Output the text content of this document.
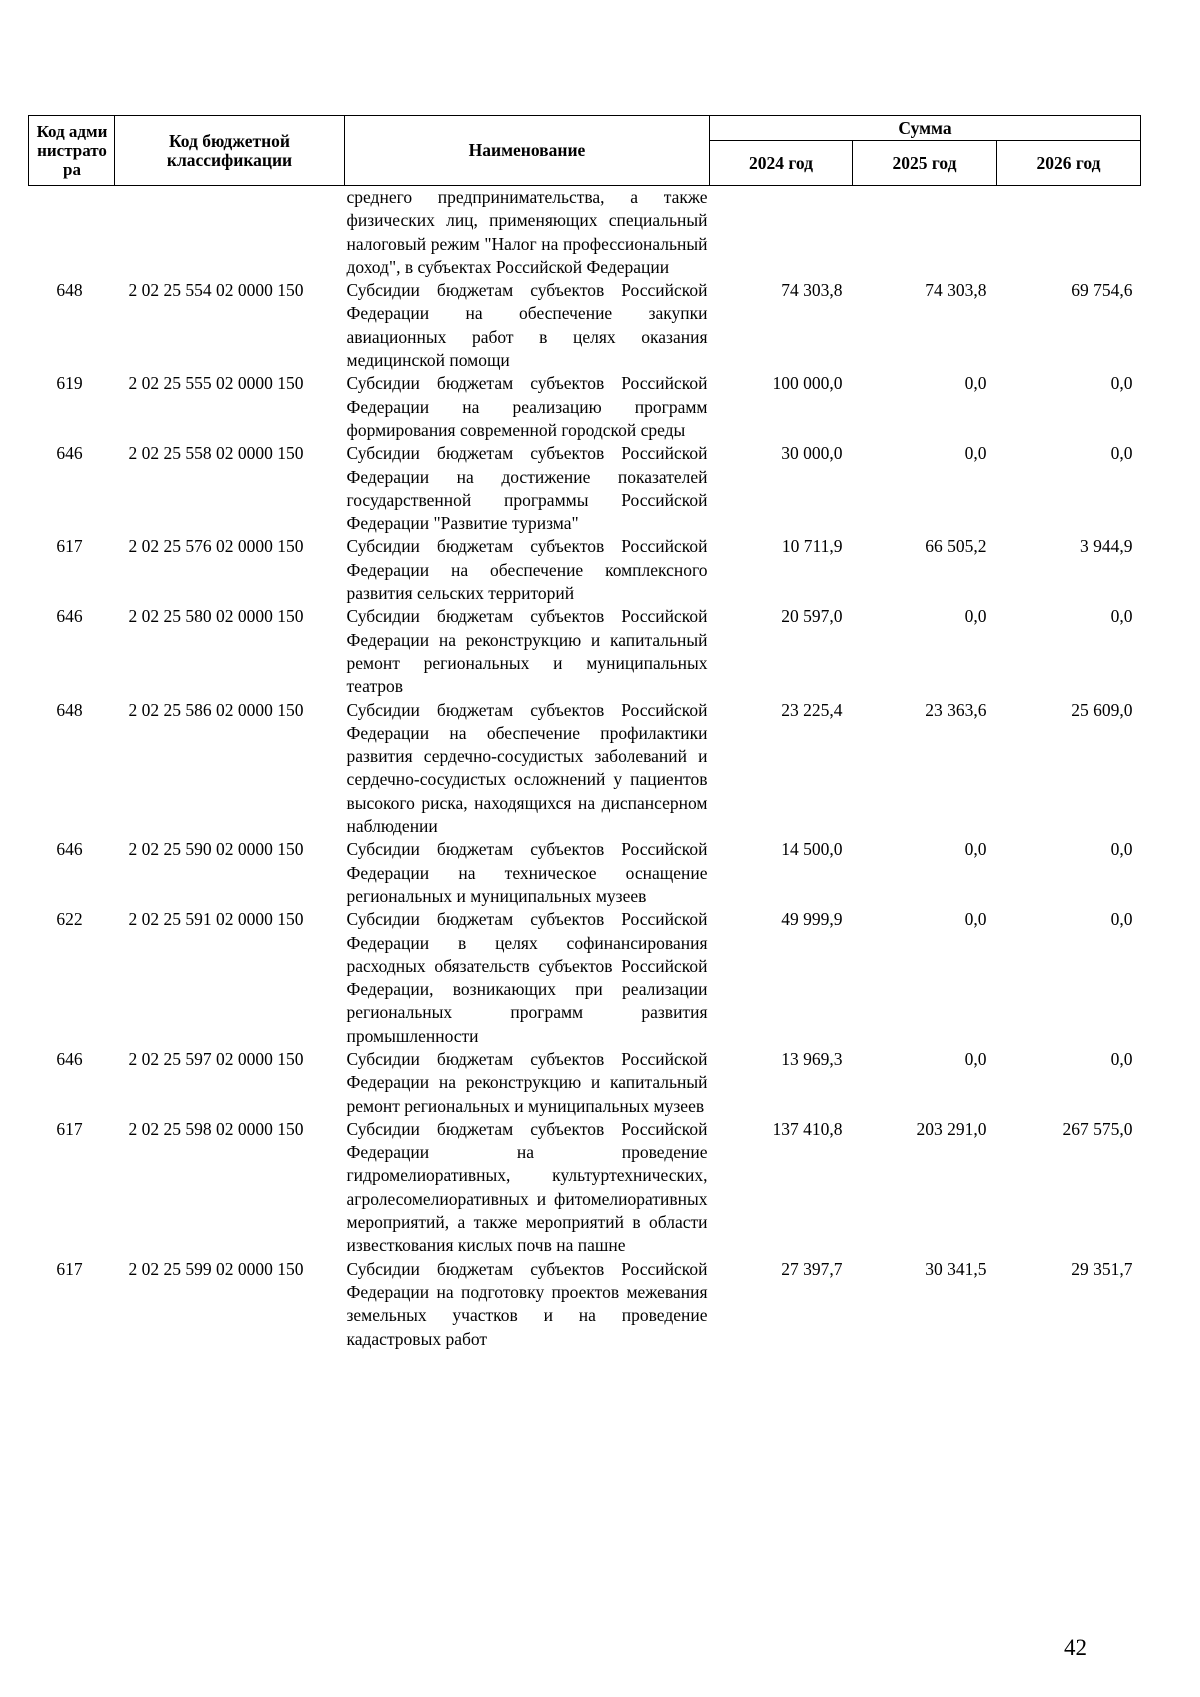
Код администратора	Код бюджетной классификации	Наименование	Сумма		
			2024 год	2025 год	2026 год
		среднего предпринимательства, а также физических лиц, применяющих специальный налоговый режим "Налог на профессиональный доход", в субъектах Российской Федерации			
648	2 02 25 554 02 0000 150	Субсидии бюджетам субъектов Российской Федерации на обеспечение закупки авиационных работ в целях оказания медицинской помощи	74 303,8	74 303,8	69 754,6
619	2 02 25 555 02 0000 150	Субсидии бюджетам субъектов Российской Федерации на реализацию программ формирования современной городской среды	100 000,0	0,0	0,0
646	2 02 25 558 02 0000 150	Субсидии бюджетам субъектов Российской Федерации на достижение показателей государственной программы Российской Федерации "Развитие туризма"	30 000,0	0,0	0,0
617	2 02 25 576 02 0000 150	Субсидии бюджетам субъектов Российской Федерации на обеспечение комплексного развития сельских территорий	10 711,9	66 505,2	3 944,9
646	2 02 25 580 02 0000 150	Субсидии бюджетам субъектов Российской Федерации на реконструкцию и капитальный ремонт региональных и муниципальных театров	20 597,0	0,0	0,0
648	2 02 25 586 02 0000 150	Субсидии бюджетам субъектов Российской Федерации на обеспечение профилактики развития сердечно-сосудистых заболеваний и сердечно-сосудистых осложнений у пациентов высокого риска, находящихся на диспансерном наблюдении	23 225,4	23 363,6	25 609,0
646	2 02 25 590 02 0000 150	Субсидии бюджетам субъектов Российской Федерации на техническое оснащение региональных и муниципальных музеев	14 500,0	0,0	0,0
622	2 02 25 591 02 0000 150	Субсидии бюджетам субъектов Российской Федерации в целях софинансирования расходных обязательств субъектов Российской Федерации, возникающих при реализации региональных программ развития промышленности	49 999,9	0,0	0,0
646	2 02 25 597 02 0000 150	Субсидии бюджетам субъектов Российской Федерации на реконструкцию и капитальный ремонт региональных и муниципальных музеев	13 969,3	0,0	0,0
617	2 02 25 598 02 0000 150	Субсидии бюджетам субъектов Российской Федерации на проведение гидромелиоративных, культуртехнических, агролесомелиоративных и фитомелиоративных мероприятий, а также мероприятий в области известкования кислых почв на пашне	137 410,8	203 291,0	267 575,0
617	2 02 25 599 02 0000 150	Субсидии бюджетам субъектов Российской Федерации на подготовку проектов межевания земельных участков и на проведение кадастровых работ	27 397,7	30 341,5	29 351,7
42
